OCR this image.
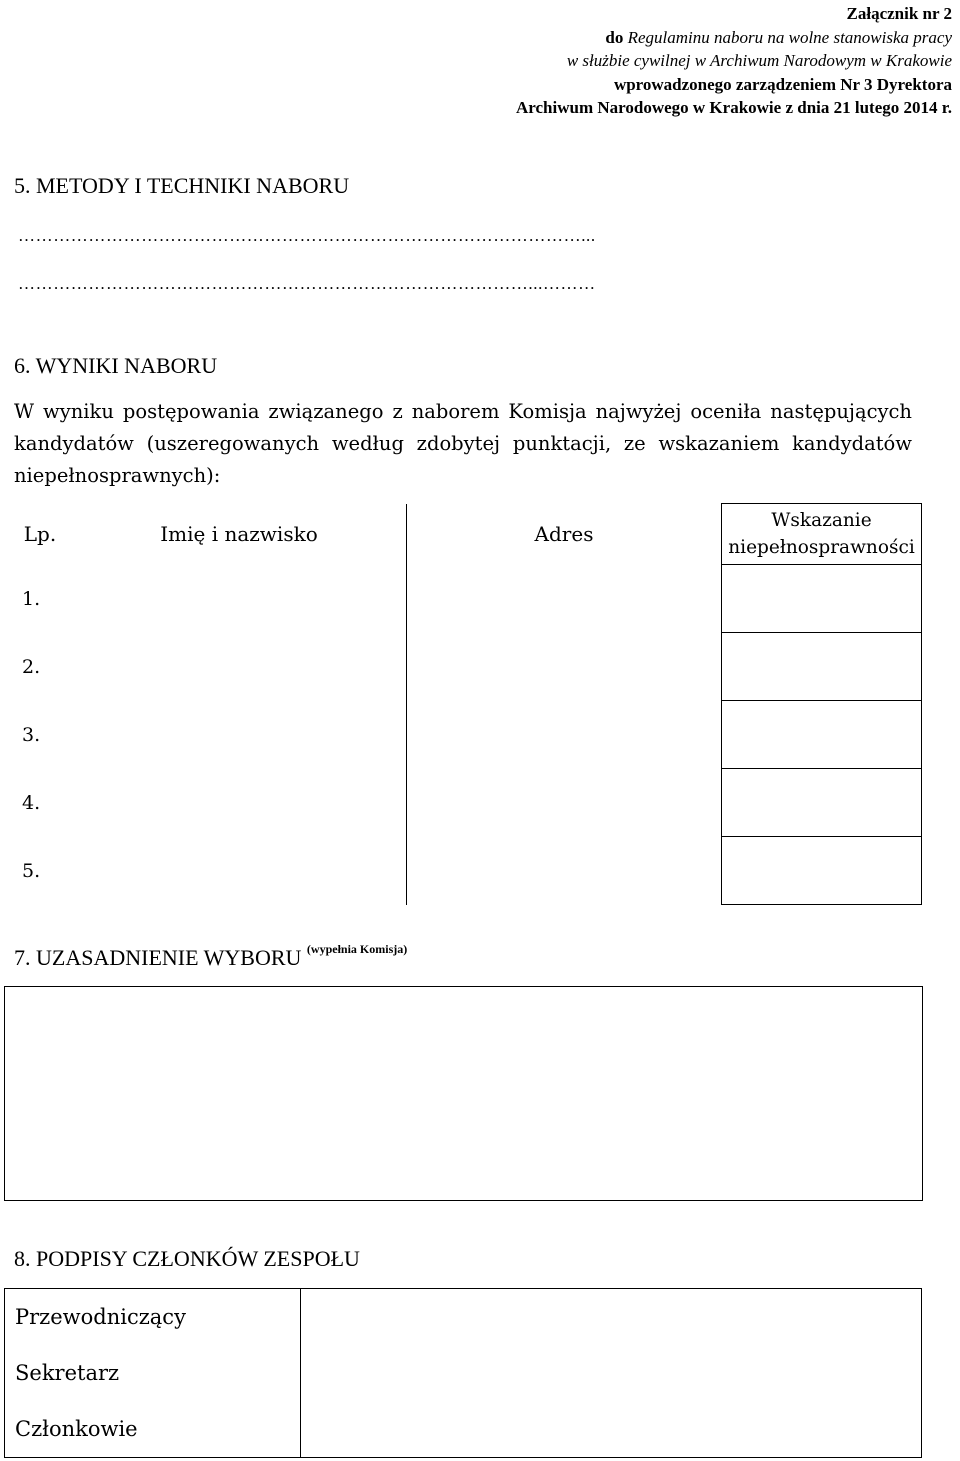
Załącznik nr 2
do Regulaminu naboru na wolne stanowiska pracy
w służbie cywilnej w Archiwum Narodowym w Krakowie
wprowadzonego zarządzeniem Nr 3 Dyrektora
Archiwum Narodowego w Krakowie z dnia 21 lutego 2014 r.
5. METODY I TECHNIKI NABORU
……………………………………………………………………………………...
……………………………………………………………………………...………
6. WYNIKI NABORU
W wyniku postępowania związanego z naborem Komisja najwyżej oceniła następujących kandydatów (uszeregowanych według zdobytej punktacji, ze wskazaniem kandydatów niepełnosprawnych):
Lp.	Imię i nazwisko	Adres	Wskazanie
niepełnosprawności

1.			
2.			
3.			
4.			
5.			
7. UZASADNIENIE WYBORU $^{(wypełnia Komisja)}$
8. PODPISY CZŁONKÓW ZESPOŁU
Przewodniczący	
Sekretarz
Członkowie
